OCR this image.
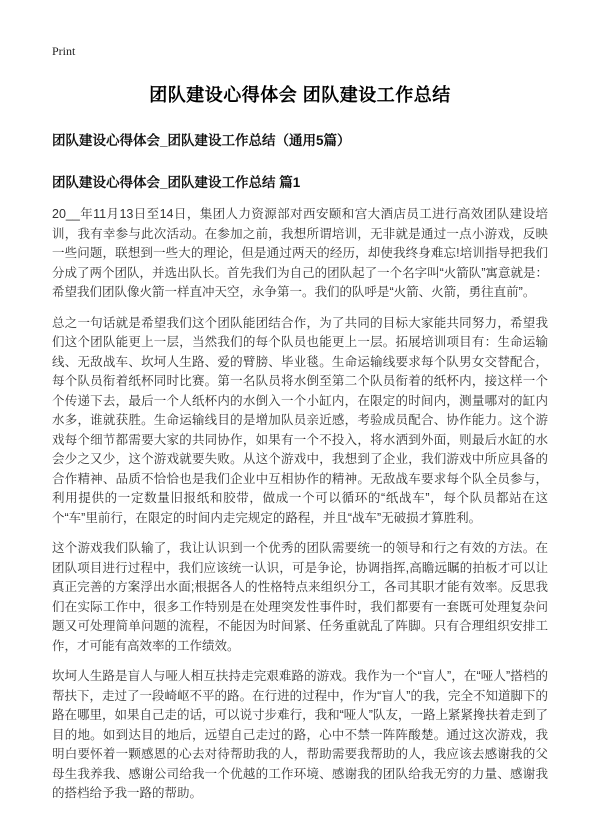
Print
团队建设心得体会 团队建设工作总结
团队建设心得体会_团队建设工作总结（通用5篇）
团队建设心得体会_团队建设工作总结 篇1

20__年11月13日至14日，集团人力资源部对西安颐和宫大酒店员工进行高效团队建设培训，我有幸参与此次活动。在参加之前，我想所谓培训，无非就是通过一点小游戏，反映一些问题，联想到一些大的理论，但是通过两天的经历，却使我终身难忘!培训指导把我们分成了两个团队，并选出队长。首先我们为自己的团队起了一个名字叫“火箭队”寓意就是：希望我们团队像火箭一样直冲天空，永争第一。我们的队呼是“火箭、火箭，勇往直前”。

总之一句话就是希望我们这个团队能团结合作，为了共同的目标大家能共同努力，希望我们这个团队能更上一层，当然我们的每个队员也能更上一层。拓展培训项目有：生命运输线、无敌战车、坎坷人生路、爱的臂膀、毕业毯。生命运输线要求每个队男女交替配合，每个队员衔着纸杯同时比赛。第一名队员将水倒至第二个队员衔着的纸杯内，接这样一个个传递下去，最后一个人纸杯内的水倒入一个小缸内，在限定的时间内，测量哪对的缸内水多，谁就获胜。生命运输线目的是增加队员亲近感，考验成员配合、协作能力。这个游戏每个细节都需要大家的共同协作，如果有一个不投入，将水洒到外面，则最后水缸的水会少之又少，这个游戏就要失败。从这个游戏中，我想到了企业，我们游戏中所应具备的合作精神、品质不恰恰也是我们企业中互相协作的精神。无敌战车要求每个队全员参与，利用提供的一定数量旧报纸和胶带，做成一个可以循环的“纸战车”，每个队员都站在这个“车”里前行，在限定的时间内走完规定的路程，并且“战车”无破损才算胜利。

这个游戏我们队输了，我让认识到一个优秀的团队需要统一的领导和行之有效的方法。在团队项目进行过程中，我们应该统一认识，可是争论，协调指挥,高瞻远瞩的拍板才可以让真正完善的方案浮出水面;根据各人的性格特点来组织分工，各司其职才能有效率。反思我们在实际工作中，很多工作特别是在处理突发性事件时，我们都要有一套既可处理复杂问题又可处理简单问题的流程，不能因为时间紧、任务重就乱了阵脚。只有合理组织安排工作，才可能有高效率的工作绩效。

坎坷人生路是盲人与哑人相互扶持走完艰难路的游戏。我作为一个“盲人”，在“哑人”搭档的帮扶下，走过了一段崎岖不平的路。在行进的过程中，作为“盲人”的我，完全不知道脚下的路在哪里，如果自己走的话，可以说寸步难行，我和“哑人”队友，一路上紧紧搀扶着走到了目的地。如到达目的地后，远望自己走过的路，心中不禁一阵阵酸楚。通过这次游戏，我明白要怀着一颗感恩的心去对待帮助我的人，帮助需要我帮助的人，我应该去感谢我的父母生我养我、感谢公司给我一个优越的工作环境、感谢我的团队给我无穷的力量、感谢我的搭档给予我一路的帮助。
